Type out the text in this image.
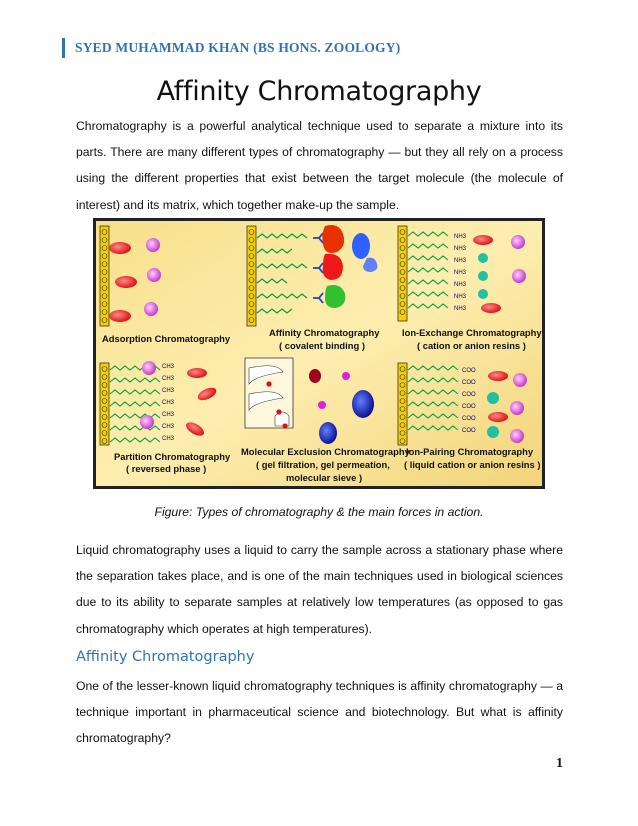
SYED MUHAMMAD KHAN (BS HONS. ZOOLOGY)
Affinity Chromatography
Chromatography is a powerful analytical technique used to separate a mixture into its parts. There are many different types of chromatography — but they all rely on a process using the different properties that exist between the target molecule (the molecule of interest) and its matrix, which together make-up the sample.
Adsorption Chromatography
Affinity Chromatography
( covalent binding )
NH3
NH3
NH3
NH3
NH3
NH3
NH3
Ion-Exchange Chromatography
( cation or anion resins )
CH3
CH3
CH3
CH3
CH3
CH3
CH3
Partition Chromatography
( reversed phase )
Molecular Exclusion Chromatography
( gel filtration, gel permeation,
molecular sieve )
COO
COO
COO
COO
COO
COO
Ion-Pairing Chromatography
( liquid cation or anion resins )
Figure: Types of chromatography & the main forces in action.
Liquid chromatography uses a liquid to carry the sample across a stationary phase where the separation takes place, and is one of the main techniques used in biological sciences due to its ability to separate samples at relatively low temperatures (as opposed to gas chromatography which operates at high temperatures).
Affinity Chromatography
One of the lesser-known liquid chromatography techniques is affinity chromatography — a technique important in pharmaceutical science and biotechnology. But what is affinity chromatography?
1
